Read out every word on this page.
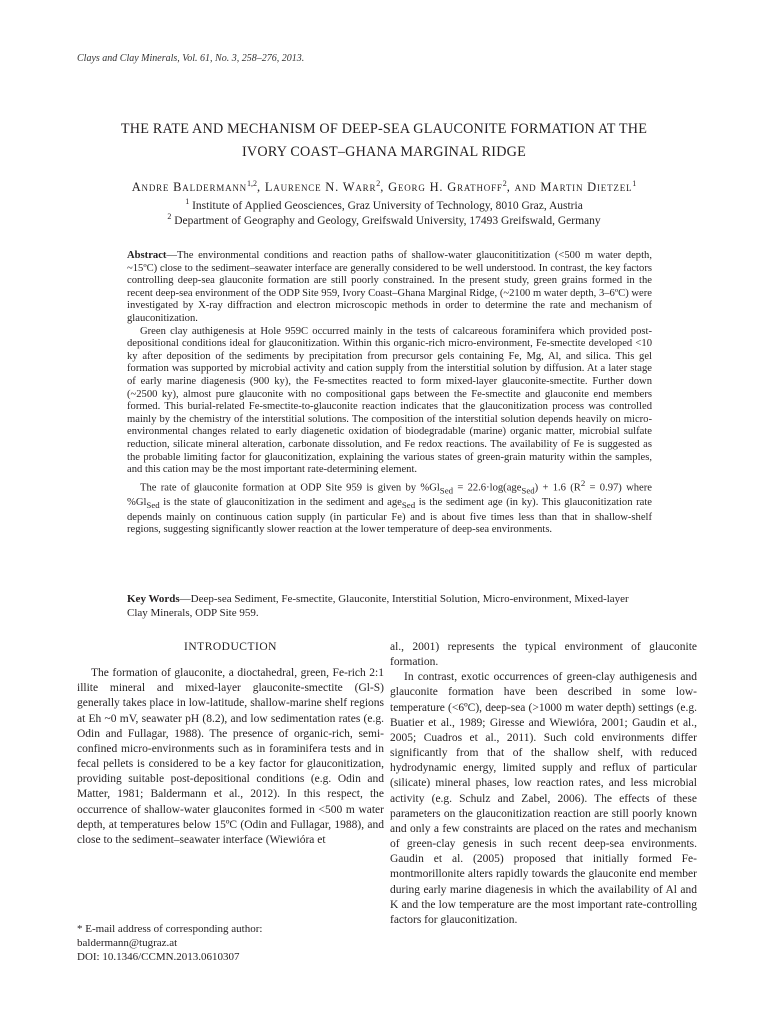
Clays and Clay Minerals, Vol. 61, No. 3, 258–276, 2013.
THE RATE AND MECHANISM OF DEEP-SEA GLAUCONITE FORMATION AT THE
IVORY COAST–GHANA MARGINAL RIDGE
Andre Baldermann$^{1,2}$, Laurence N. Warr$^2$, Georg H. Grathoff$^2$, and Martin Dietzel$^1$
$^1$ Institute of Applied Geosciences, Graz University of Technology, 8010 Graz, Austria
$^2$ Department of Geography and Geology, Greifswald University, 17493 Greifswald, Germany

Abstract—The environmental conditions and reaction paths of shallow-water glauconititization (<500 m water depth, ~15ºC) close to the sediment–seawater interface are generally considered to be well understood. In contrast, the key factors controlling deep-sea glauconite formation are still poorly constrained. In the present study, green grains formed in the recent deep-sea environment of the ODP Site 959, Ivory Coast–Ghana Marginal Ridge, (~2100 m water depth, 3–6ºC) were investigated by X-ray diffraction and electron microscopic methods in order to determine the rate and mechanism of glauconitization.

Green clay authigenesis at Hole 959C occurred mainly in the tests of calcareous foraminifera which provided post-depositional conditions ideal for glauconitization. Within this organic-rich micro-environment, Fe-smectite developed <10 ky after deposition of the sediments by precipitation from precursor gels containing Fe, Mg, Al, and silica. This gel formation was supported by microbial activity and cation supply from the interstitial solution by diffusion. At a later stage of early marine diagenesis (900 ky), the Fe-smectites reacted to form mixed-layer glauconite-smectite. Further down (~2500 ky), almost pure glauconite with no compositional gaps between the Fe-smectite and glauconite end members formed. This burial-related Fe-smectite-to-glauconite reaction indicates that the glauconitization process was controlled mainly by the chemistry of the interstitial solutions. The composition of the interstitial solution depends heavily on micro-environmental changes related to early diagenetic oxidation of biodegradable (marine) organic matter, microbial sulfate reduction, silicate mineral alteration, carbonate dissolution, and Fe redox reactions. The availability of Fe is suggested as the probable limiting factor for glauconitization, explaining the various states of green-grain maturity within the samples, and this cation may be the most important rate-determining element.

The rate of glauconite formation at ODP Site 959 is given by $\%Gl_{Sed} = 22.6\cdot\log(age_{Sed}) + 1.6$ $(R^2 = 0.97)$ where $\%Gl_{Sed}$ is the state of glauconitization in the sediment and age$_{Sed}$ is the sediment age (in ky). This glauconitization rate depends mainly on continuous cation supply (in particular Fe) and is about five times less than that in shallow-shelf regions, suggesting significantly slower reaction at the lower temperature of deep-sea environments.

Key Words—Deep-sea Sediment, Fe-smectite, Glauconite, Interstitial Solution, Micro-environment, Mixed-layer Clay Minerals, ODP Site 959.
INTRODUCTION

The formation of glauconite, a dioctahedral, green, Fe-rich 2:1 illite mineral and mixed-layer glauconite-smectite (Gl-S) generally takes place in low-latitude, shallow-marine shelf regions at Eh ~0 mV, seawater pH (8.2), and low sedimentation rates (e.g. Odin and Fullagar, 1988). The presence of organic-rich, semi-confined micro-environments such as in foraminifera tests and in fecal pellets is considered to be a key factor for glauconitization, providing suitable post-depositional conditions (e.g. Odin and Matter, 1981; Baldermann et al., 2012). In this respect, the occurrence of shallow-water glauconites formed in <500 m water depth, at temperatures below 15ºC (Odin and Fullagar, 1988), and close to the sediment–seawater interface (Wiewióra et

al., 2001) represents the typical environment of glauconite formation.

In contrast, exotic occurrences of green-clay authigenesis and glauconite formation have been described in some low-temperature (<6ºC), deep-sea (>1000 m water depth) settings (e.g. Buatier et al., 1989; Giresse and Wiewióra, 2001; Gaudin et al., 2005; Cuadros et al., 2011). Such cold environments differ significantly from that of the shallow shelf, with reduced hydrodynamic energy, limited supply and reflux of particular (silicate) mineral phases, low reaction rates, and less microbial activity (e.g. Schulz and Zabel, 2006). The effects of these parameters on the glauconitization reaction are still poorly known and only a few constraints are placed on the rates and mechanism of green-clay genesis in such recent deep-sea environments. Gaudin et al. (2005) proposed that initially formed Fe-montmorillonite alters rapidly towards the glauconite end member during early marine diagenesis in which the availability of Al and K and the low temperature are the most important rate-controlling factors for glauconitization.

* E-mail address of corresponding author:
baldermann@tugraz.at
DOI: 10.1346/CCMN.2013.0610307
